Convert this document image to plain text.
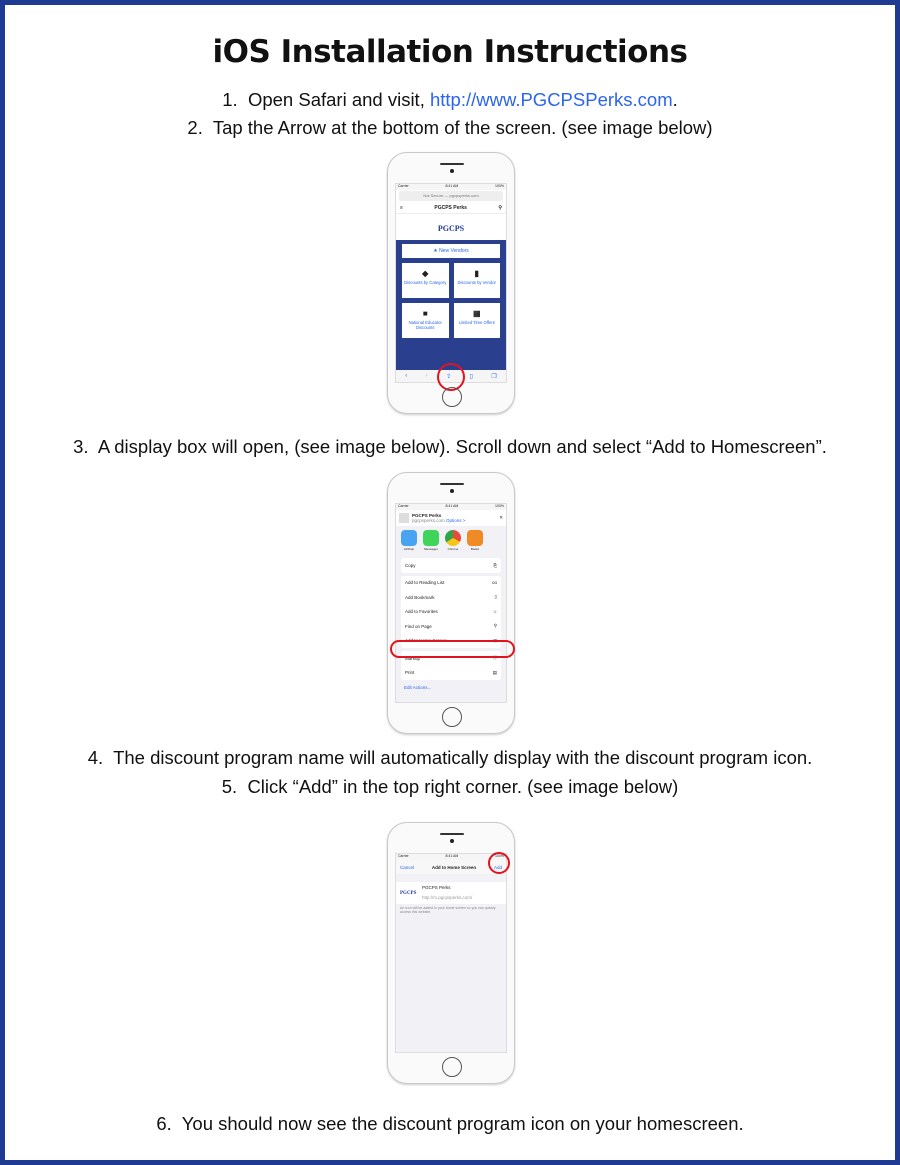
iOS Installation Instructions
1. Open Safari and visit, http://www.PGCPSPerks.com.
2. Tap the Arrow at the bottom of the screen. (see image below)
Carrier	8:41 AM	100%
Not Secure — pgcpsperks.com
≡	PGCPS Perks	⚲
PGCPS
★ New Vendors
◆
Discounts by Category
▮
Discounts by Vendor
■
National Educator Discounts
▦
Limited Time Offers
‹	›	⇪	▯	❐
3. A display box will open, (see image below). Scroll down and select “Add to Homescreen”.
Carrier	8:41 AM	100%
PGCPS Perks
pgcpsperks.com Options >
✕
AirDrop	Messages	Chrome	Books
Copy	⎘
Add to Reading List	oo
Add Bookmark	▯
Add to Favorites	☆
Find on Page	⚲
Add to Home Screen	⊞
Markup	Ⓐ
Print	▤
Edit Actions...
4. The discount program name will automatically display with the discount program icon.
5. Click “Add” in the top right corner. (see image below)
Carrier	8:41 AM	100%
Cancel	Add to Home Screen	Add
PGCPS
PGCPS Perks
http://m.pgcpsperks.com/
An icon will be added to your home screen so you can quickly access this website.
6. You should now see the discount program icon on your homescreen.
